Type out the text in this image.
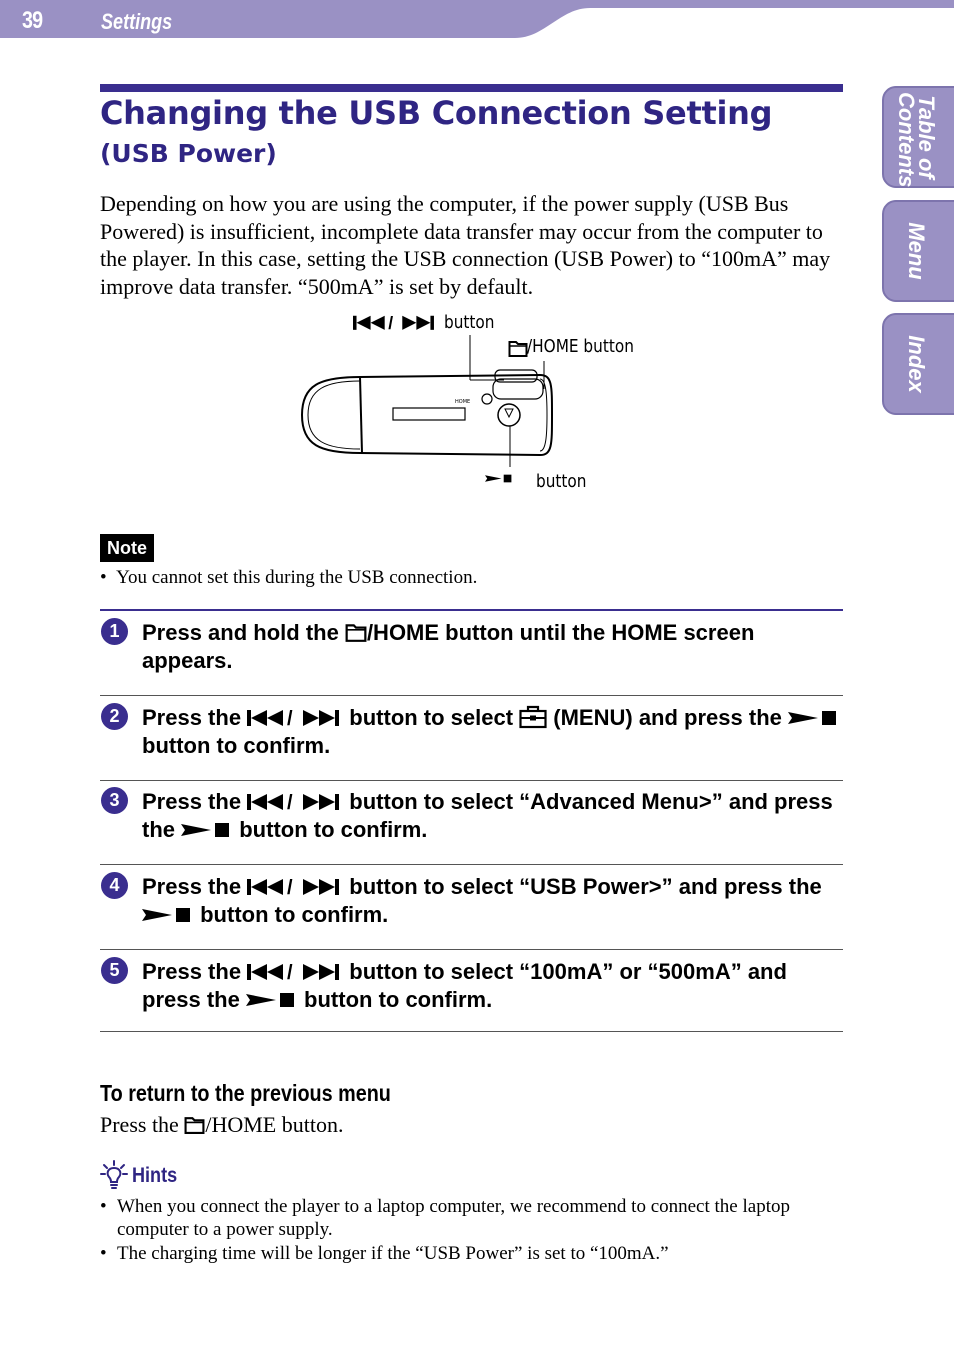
39	Settings
Table of Contents
Menu
Index
Changing the USB Connection Setting
(USB Power)
Depending on how you are using the computer, if the power supply (USB Bus Powered) is insufficient, incomplete data transfer may occur from the computer to the player. In this case, setting the USB connection (USB Power) to “100mA” may improve data transfer. “500mA” is set by default.
HOME
button
/HOME button
button
Note
•  You cannot set this during the USB connection.
1	Press and hold the /HOME button until the HOME screen appears.
2	Press the	button to select  (MENU) and press the  button to confirm.
3	Press the	button to select “Advanced Menu>” and press the  button to confirm.
4	Press the	button to select “USB Power>” and press the  button to confirm.
5	Press the	button to select “100mA” or “500mA” and press the  button to confirm.
To return to the previous menu
Press the /HOME button.
Hints
• When you connect the player to a laptop computer, we recommend to connect the laptop computer to a power supply.
• The charging time will be longer if the “USB Power” is set to “100mA.”
